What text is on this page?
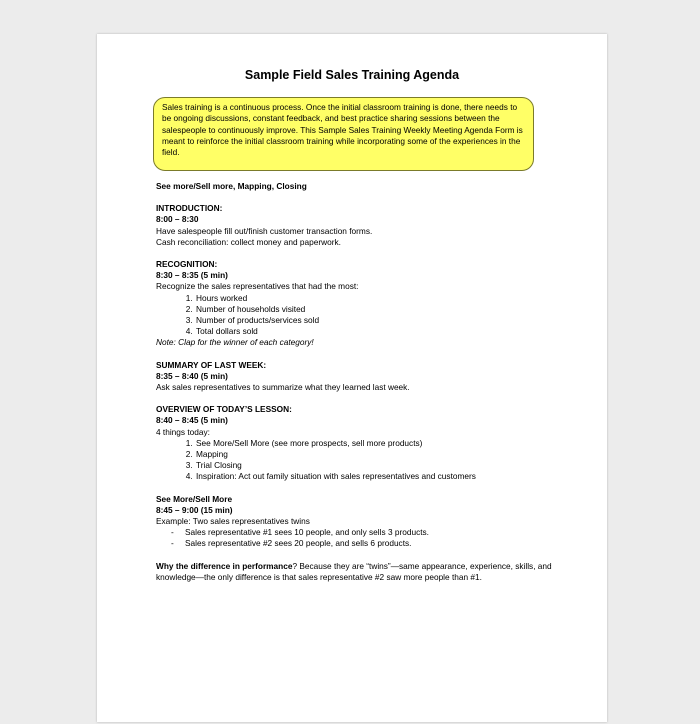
Sample Field Sales Training Agenda
Sales training is a continuous process. Once the initial classroom training is done, there needs to be ongoing discussions, constant feedback, and best practice sharing sessions between the salespeople to continuously improve. This Sample Sales Training Weekly Meeting Agenda Form is meant to reinforce the initial classroom training while incorporating some of the experiences in the field.

See more/Sell more, Mapping, Closing

INTRODUCTION:

8:00 – 8:30

Have salespeople fill out/finish customer transaction forms.

Cash reconciliation: collect money and paperwork.

RECOGNITION:

8:30 – 8:35 (5 min)

Recognize the sales representatives that had the most:

1. Hours worked
2. Number of households visited
3. Number of products/services sold
4. Total dollars sold

Note: Clap for the winner of each category!

SUMMARY OF LAST WEEK:

8:35 – 8:40 (5 min)

Ask sales representatives to summarize what they learned last week.

OVERVIEW OF TODAY’S LESSON:

8:40 – 8:45 (5 min)

4 things today:

1. See More/Sell More (see more prospects, sell more products)
2. Mapping
3. Trial Closing
4. Inspiration: Act out family situation with sales representatives and customers

See More/Sell More

8:45 – 9:00 (15 min)

Example: Two sales representatives twins

- Sales representative #1 sees 10 people, and only sells 3 products.
- Sales representative #2 sees 20 people, and sells 6 products.

Why the difference in performance? Because they are “twins”—same appearance, experience, skills, and knowledge—the only difference is that sales representative #2 saw more people than #1.
